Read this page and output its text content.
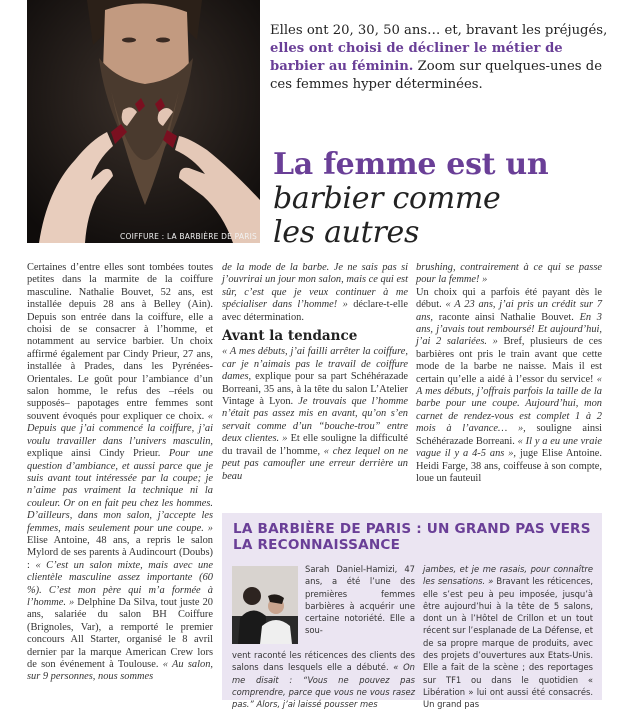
COIFFURE : LA BARBIÈRE DE PARIS
Elles ont 20, 30, 50 ans… et, bravant les préjugés, elles ont choisi de décliner le métier de barbier au féminin. Zoom sur quelques-unes de ces femmes hyper déterminées.
La femme est un
barbier comme
les autres

Certaines d’entre elles sont tombées toutes petites dans la marmite de la coiffure masculine. Nathalie Bouvet, 52 ans, est installée depuis 28 ans à Belley (Ain). Depuis son entrée dans la coiffure, elle a choisi de se consacrer à l’homme, et notamment au service barbier. Un choix affirmé également par Cindy Prieur, 27 ans, installée à Prades, dans les Pyrénées-Orientales. Le goût pour l’ambiance d’un salon homme, le refus des –réels ou supposés– papotages entre femmes sont souvent évoqués pour expliquer ce choix. « Depuis que j’ai commencé la coiffure, j’ai voulu travailler dans l’univers masculin, explique ainsi Cindy Prieur. Pour une question d’ambiance, et aussi parce que je suis avant tout intéressée par la coupe; je n’aime pas vraiment la technique ni la couleur. Or on en fait peu chez les hommes. D’ailleurs, dans mon salon, j’accepte les femmes, mais seulement pour une coupe. » Elise Antoine, 48 ans, a repris le salon Mylord de ses parents à Audincourt (Doubs) : « C’est un salon mixte, mais avec une clientèle masculine assez importante (60 %). C’est mon père qui m’a formée à l’homme. » Delphine Da Silva, tout juste 20 ans, salariée du salon BH Coiffure (Brignoles, Var), a remporté le premier concours All Starter, organisé le 8 avril dernier par la marque American Crew lors de son événement à Toulouse. « Au salon, sur 9 personnes, nous sommes

de la mode de la barbe. Je ne sais pas si j’ouvrirai un jour mon salon, mais ce qui est sûr, c’est que je veux continuer à me spécialiser dans l’homme! » déclare-t-elle avec détermination.
Avant la tendance
« A mes débuts, j’ai failli arrêter la coiffure, car je n’aimais pas le travail de coiffure dames, explique pour sa part Schéhérazade Borreani, 35 ans, à la tête du salon L’Atelier Vintage à Lyon. Je trouvais que l’homme n’était pas assez mis en avant, qu’on s’en servait comme d’un “bouche-trou” entre deux clientes. » Et elle souligne la difficulté du travail de l’homme, « chez lequel on ne peut pas camoufler une erreur derrière un beau

brushing, contrairement à ce qui se passe pour la femme! »
Un choix qui a parfois été payant dès le début. « A 23 ans, j’ai pris un crédit sur 7 ans, raconte ainsi Nathalie Bouvet. En 3 ans, j’avais tout remboursé! Et aujourd’hui, j’ai 2 salariées. » Bref, plusieurs de ces barbières ont pris le train avant que cette mode de la barbe ne naisse. Mais il est certain qu’elle a aidé à l’essor du service! « A mes débuts, j’offrais parfois la taille de la barbe pour une coupe. Aujourd’hui, mon carnet de rendez-vous est complet 1 à 2 mois à l’avance… », souligne ainsi Schéhérazade Borreani. « Il y a eu une vraie vague il y a 4-5 ans », juge Elise Antoine. Heidi Farge, 38 ans, coiffeuse à son compte, loue un fauteuil

LA BARBIÈRE DE PARIS : UN GRAND PAS VERS LA RECONNAISSANCE

Sarah Daniel-Hamizi, 47 ans, a été l’une des premières femmes barbières à acquérir une certaine notoriété. Elle a sou-

vent raconté les réticences des clients des salons dans lesquels elle a débuté. « On me disait : “Vous ne pouvez pas comprendre, parce que vous ne vous rasez pas.” Alors, j’ai laissé pousser mes

jambes, et je me rasais, pour connaître les sensations. » Bravant les réticences, elle s’est peu à peu imposée, jusqu’à être aujourd’hui à la tête de 5 salons, dont un à l’Hôtel de Crillon et un tout récent sur l’esplanade de La Défense, et de sa propre marque de produits, avec des projets d’ouvertures aux Etats-Unis. Elle a fait de la scène ; des reportages sur TF1 ou dans le quotidien « Libération » lui ont aussi été consacrés. Un grand pas
